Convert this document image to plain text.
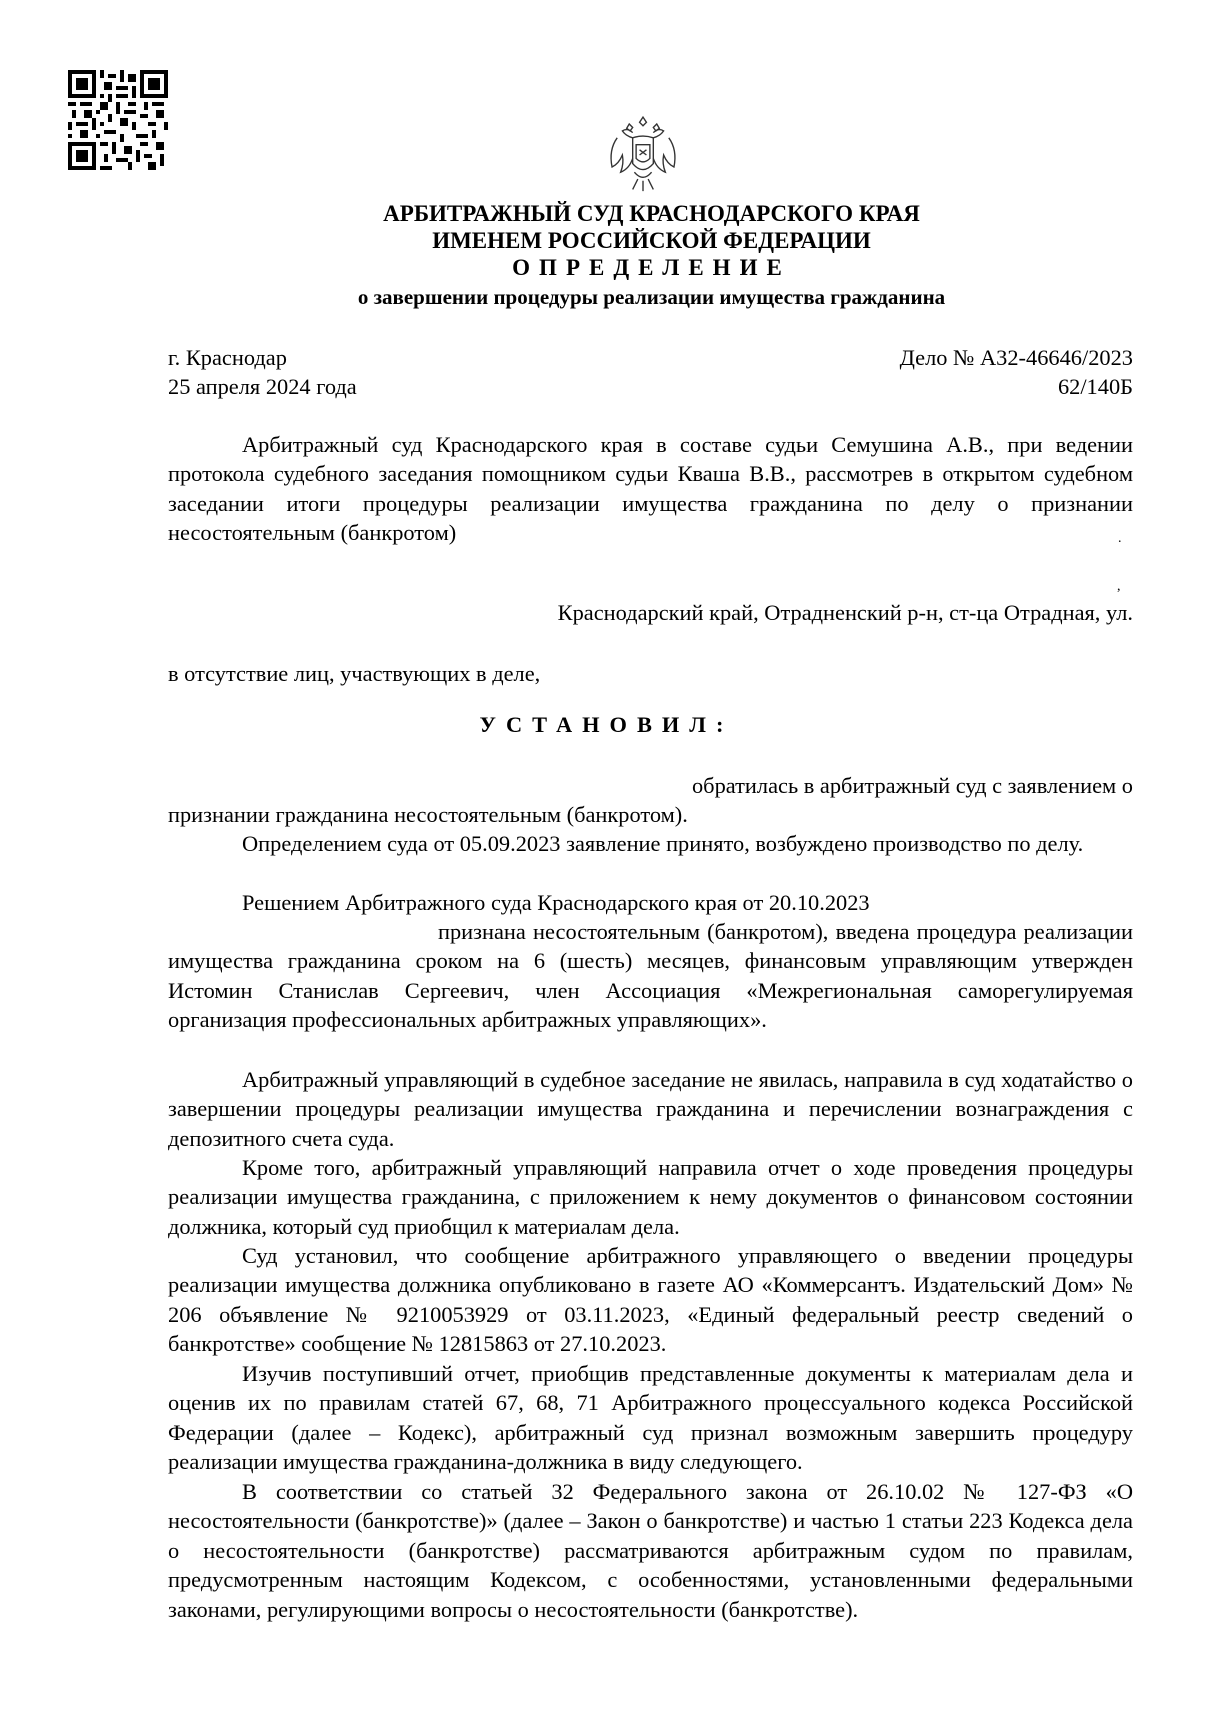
АРБИТРАЖНЫЙ СУД КРАСНОДАРСКОГО КРАЯ
ИМЕНЕМ РОССИЙСКОЙ ФЕДЕРАЦИИ
ОПРЕДЕЛЕНИЕ
о завершении процедуры реализации имущества гражданина
г. Краснодар	Дело № А32-46646/2023
25 апреля 2024 года	62/140Б
Арбитражный суд Краснодарского края в составе судьи Семушина А.В., при ведении протокола судебного заседания помощником судьи Кваша В.В., рассмотрев в открытом судебном заседании итоги процедуры реализации имущества гражданина по делу о признании несостоятельным (банкротом)	.
,
Краснодарский край, Отрадненский р-н, ст-ца Отрадная, ул.
в отсутствие лиц, участвующих в деле,
УСТАНОВИЛ:
обратилась в арбитражный суд с заявлением о
признании гражданина несостоятельным (банкротом).
Определением суда от 05.09.2023 заявление принято, возбуждено производство по делу.
Решением Арбитражного суда Краснодарского края от 20.10.2023
признана несостоятельным (банкротом), введена процедура реализации имущества гражданина сроком на 6 (шесть) месяцев, финансовым управляющим утвержден Истомин Станислав Сергеевич, член Ассоциация «Межрегиональная саморегулируемая организация профессиональных арбитражных управляющих».
Арбитражный управляющий в судебное заседание не явилась, направила в суд ходатайство о завершении процедуры реализации имущества гражданина и перечислении вознаграждения с депозитного счета суда.
Кроме того, арбитражный управляющий направила отчет о ходе проведения процедуры реализации имущества гражданина, с приложением к нему документов о финансовом состоянии должника, который суд приобщил к материалам дела.
Суд установил, что сообщение арбитражного управляющего о введении процедуры реализации имущества должника опубликовано в газете АО «Коммерсантъ. Издательский Дом» № 206 объявление № 9210053929 от 03.11.2023, «Единый федеральный реестр сведений о банкротстве» сообщение № 12815863 от 27.10.2023.
Изучив поступивший отчет, приобщив представленные документы к материалам дела и оценив их по правилам статей 67, 68, 71 Арбитражного процессуального кодекса Российской Федерации (далее – Кодекс), арбитражный суд признал возможным завершить процедуру реализации имущества гражданина-должника в виду следующего.
В соответствии со статьей 32 Федерального закона от 26.10.02 № 127-ФЗ «О несостоятельности (банкротстве)» (далее – Закон о банкротстве) и частью 1 статьи 223 Кодекса дела о несостоятельности (банкротстве) рассматриваются арбитражным судом по правилам, предусмотренным настоящим Кодексом, с особенностями, установленными федеральными законами, регулирующими вопросы о несостоятельности (банкротстве).
